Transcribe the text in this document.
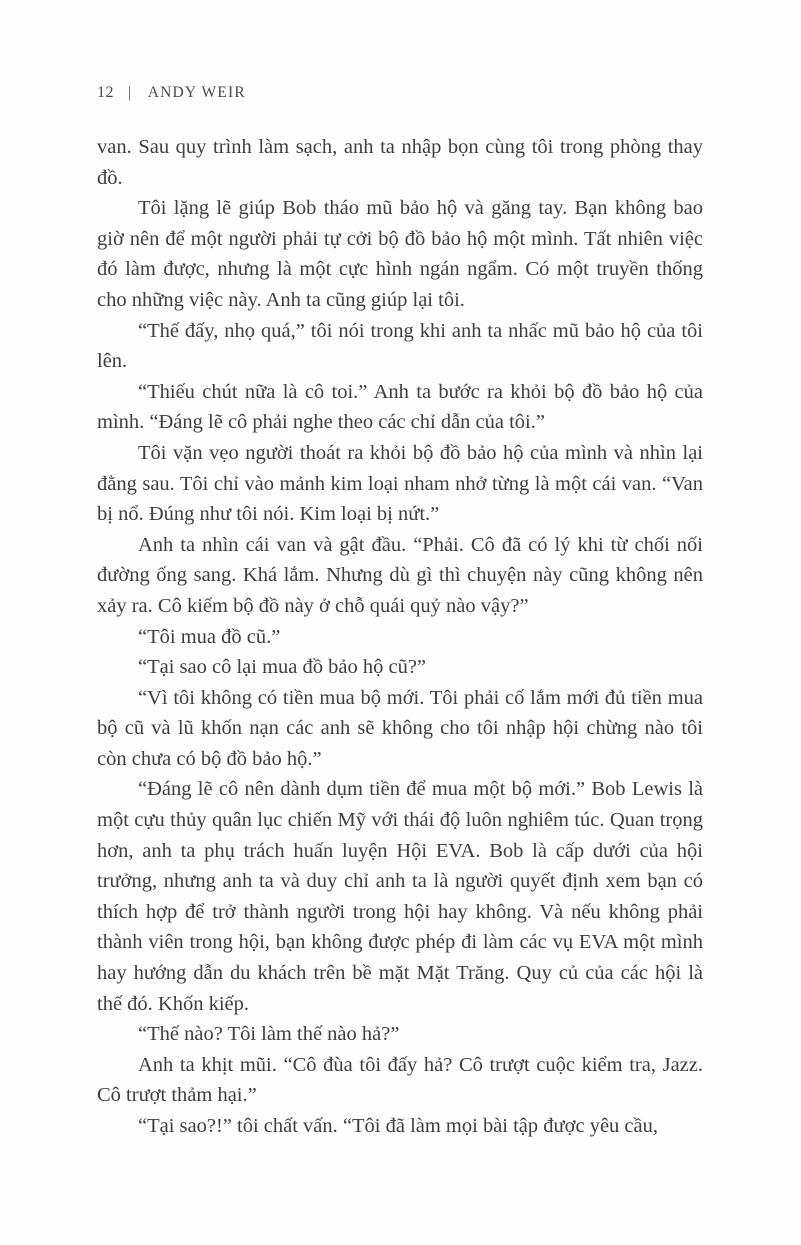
12 | ANDY WEIR

van. Sau quy trình làm sạch, anh ta nhập bọn cùng tôi trong phòng thay đồ.

Tôi lặng lẽ giúp Bob tháo mũ bảo hộ và găng tay. Bạn không bao giờ nên để một người phải tự cởi bộ đồ bảo hộ một mình. Tất nhiên việc đó làm được, nhưng là một cực hình ngán ngẩm. Có một truyền thống cho những việc này. Anh ta cũng giúp lại tôi.

“Thế đấy, nhọ quá,” tôi nói trong khi anh ta nhấc mũ bảo hộ của tôi lên.

“Thiếu chút nữa là cô toi.” Anh ta bước ra khỏi bộ đồ bảo hộ của mình. “Đáng lẽ cô phải nghe theo các chỉ dẫn của tôi.”

Tôi vặn vẹo người thoát ra khỏi bộ đồ bảo hộ của mình và nhìn lại đằng sau. Tôi chỉ vào mảnh kim loại nham nhở từng là một cái van. “Van bị nổ. Đúng như tôi nói. Kim loại bị nứt.”

Anh ta nhìn cái van và gật đầu. “Phải. Cô đã có lý khi từ chối nối đường ống sang. Khá lắm. Nhưng dù gì thì chuyện này cũng không nên xảy ra. Cô kiếm bộ đồ này ở chỗ quái quỷ nào vậy?”

“Tôi mua đồ cũ.”

“Tại sao cô lại mua đồ bảo hộ cũ?”

“Vì tôi không có tiền mua bộ mới. Tôi phải cố lắm mới đủ tiền mua bộ cũ và lũ khốn nạn các anh sẽ không cho tôi nhập hội chừng nào tôi còn chưa có bộ đồ bảo hộ.”

“Đáng lẽ cô nên dành dụm tiền để mua một bộ mới.” Bob Lewis là một cựu thủy quân lục chiến Mỹ với thái độ luôn nghiêm túc. Quan trọng hơn, anh ta phụ trách huấn luyện Hội EVA. Bob là cấp dưới của hội trưởng, nhưng anh ta và duy chỉ anh ta là người quyết định xem bạn có thích hợp để trở thành người trong hội hay không. Và nếu không phải thành viên trong hội, bạn không được phép đi làm các vụ EVA một mình hay hướng dẫn du khách trên bề mặt Mặt Trăng. Quy củ của các hội là thế đó. Khốn kiếp.

“Thế nào? Tôi làm thế nào hả?”

Anh ta khịt mũi. “Cô đùa tôi đấy hả? Cô trượt cuộc kiểm tra, Jazz. Cô trượt thảm hại.”

“Tại sao?!” tôi chất vấn. “Tôi đã làm mọi bài tập được yêu cầu,
